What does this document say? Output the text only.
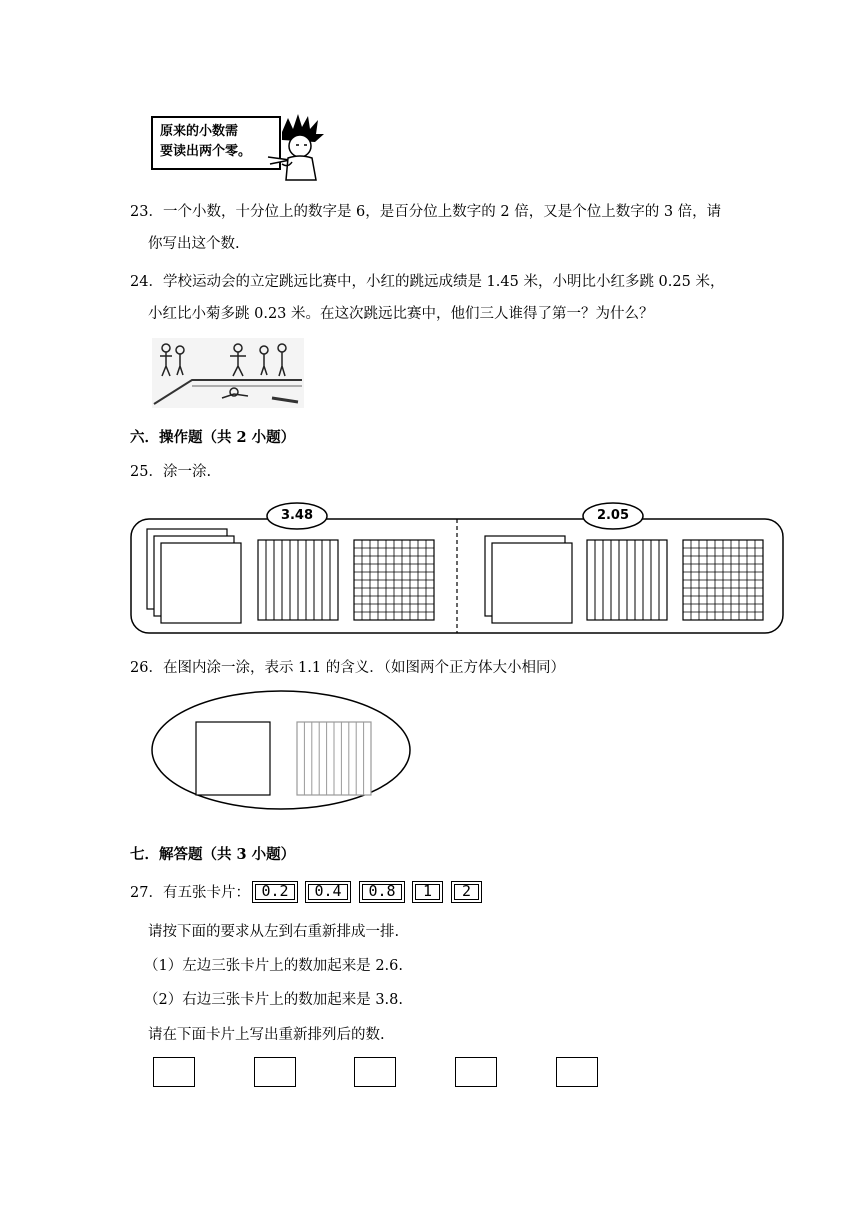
原来的小数需
要读出两个零。
23．一个小数，十分位上的数字是 6，是百分位上数字的 2 倍，又是个位上数字的 3 倍，请
你写出这个数.
24．学校运动会的立定跳远比赛中，小红的跳远成绩是 1.45 米，小明比小红多跳 0.25 米，
小红比小菊多跳 0.23 米。在这次跳远比赛中，他们三人谁得了第一？为什么？
六．操作题（共 2 小题）
25．涂一涂.
3.48	2.05
26．在图内涂一涂，表示 1.1 的含义．（如图两个正方体大小相同）
七．解答题（共 3 小题）
27．有五张卡片： 0.2	0.4	0.8	1	2
请按下面的要求从左到右重新排成一排.
（1）左边三张卡片上的数加起来是 2.6.
（2）右边三张卡片上的数加起来是 3.8.
请在下面卡片上写出重新排列后的数.
